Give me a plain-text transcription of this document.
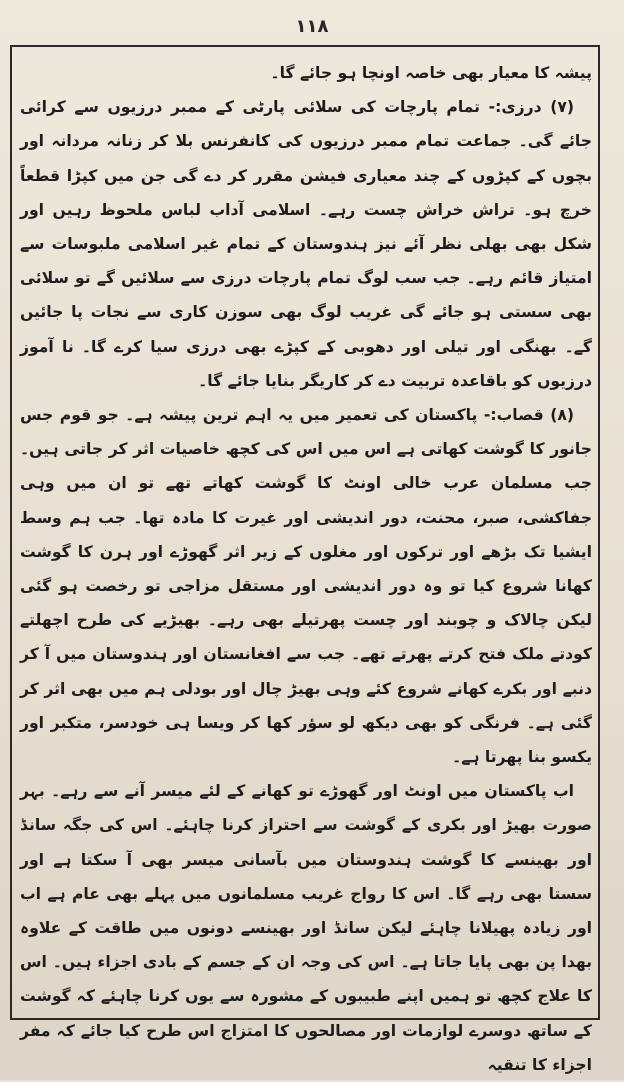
۱۱۸

پیشہ کا معیار بھی خاصہ اونچا ہو جائے گا۔

(۷) درزی:- تمام پارچات کی سلائی پارٹی کے ممبر درزیوں سے کرائی جائے گی۔ جماعت تمام ممبر درزیوں کی کانفرنس بلا کر زنانہ مردانہ اور بچوں کے کپڑوں کے چند معیاری فیشن مقرر کر دے گی جن میں کپڑا قطعاً خرچ ہو۔ تراش خراش چست رہے۔ اسلامی آداب لباس ملحوظ رہیں اور شکل بھی بھلی نظر آئے نیز ہندوستان کے تمام غیر اسلامی ملبوسات سے امتیاز قائم رہے۔ جب سب لوگ تمام پارچات درزی سے سلائیں گے تو سلائی بھی سستی ہو جائے گی غریب لوگ بھی سوزن کاری سے نجات پا جائیں گے۔ بھنگی اور تیلی اور دھوبی کے کپڑے بھی درزی سیا کرے گا۔ نا آموز درزیوں کو باقاعدہ تربیت دے کر کاریگر بنایا جائے گا۔

(۸) قصاب:- پاکستان کی تعمیر میں یہ اہم ترین پیشہ ہے۔ جو قوم جس جانور کا گوشت کھاتی ہے اس میں اس کی کچھ خاصیات اثر کر جاتی ہیں۔ جب مسلمان عرب خالی اونٹ کا گوشت کھاتے تھے تو ان میں وہی جفاکشی، صبر، محنت، دور اندیشی اور غیرت کا مادہ تھا۔ جب ہم وسط ایشیا تک بڑھے اور ترکوں اور مغلوں کے زیر اثر گھوڑے اور ہرن کا گوشت کھانا شروع کیا تو وہ دور اندیشی اور مستقل مزاجی تو رخصت ہو گئی لیکن چالاک و چوبند اور چست پھرتیلے بھی رہے۔ بھیڑیے کی طرح اچھلتے کودتے ملک فتح کرتے پھرتے تھے۔ جب سے افغانستان اور ہندوستان میں آ کر دنبے اور بکرے کھانے شروع کئے وہی بھیڑ چال اور بودلی ہم میں بھی اثر کر گئی ہے۔ فرنگی کو بھی دیکھ لو سؤر کھا کر ویسا ہی خودسر، متکبر اور یکسو بنا پھرتا ہے۔

اب پاکستان میں اونٹ اور گھوڑے تو کھانے کے لئے میسر آنے سے رہے۔ بہر صورت بھیڑ اور بکری کے گوشت سے احتراز کرنا چاہئے۔ اس کی جگہ سانڈ اور بھینسے کا گوشت ہندوستان میں بآسانی میسر بھی آ سکتا ہے اور سستا بھی رہے گا۔ اس کا رواج غریب مسلمانوں میں پہلے بھی عام ہے اب اور زیادہ پھیلانا چاہئے لیکن سانڈ اور بھینسے دونوں میں طاقت کے علاوہ بھدا پن بھی پایا جاتا ہے۔ اس کی وجہ ان کے جسم کے بادی اجزاء ہیں۔ اس کا علاج کچھ تو ہمیں اپنے طبیبوں کے مشورہ سے یوں کرنا چاہئے کہ گوشت کے ساتھ دوسرے لوازمات اور مصالحوں کا امتزاج اس طرح کیا جائے کہ مفر اجزاء کا تنقیہ
